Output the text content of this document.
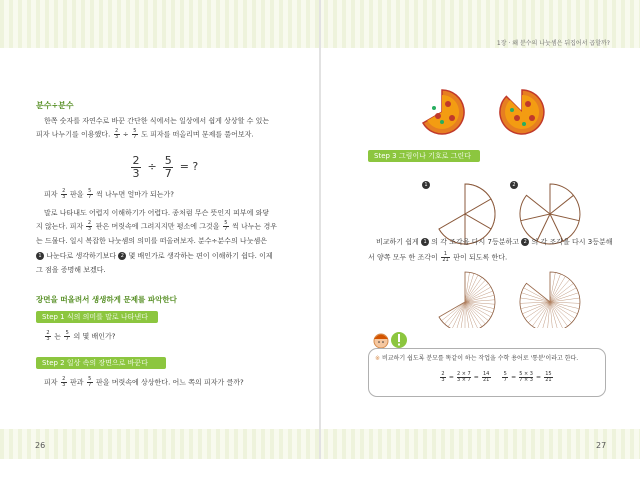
1장 · 왜 분수의 나눗셈은 뒤집어서 곱할까?
26	27
분수÷분수
한쪽 숫자를 자연수로 바꾼 간단한 식에서는 일상에서 쉽게 상상할 수 있는
피자 나누기를 이용했다. $\frac{2}{3} \div \frac{5}{7}$ 도 피자를 떠올리며 문제를 풀어보자.
$\frac{2}{3} \div \frac{5}{7}$ = ?
피자 $\frac{2}{3}$ 판을 $\frac{5}{7}$ 씩 나누면 얼마가 되는가?
말로 나타내도 어렵지 이해하기가 어렵다. 종처럼 무슨 뜻인지 피부에 와닿
지 않는다. 피자 $\frac{2}{3}$ 판은 머릿속에 그려지지만 평소에 그것을 $\frac{5}{7}$ 씩 나누는 경우
는 드물다. 일시 복잡한 나눗셈의 의미를 떠올려보자. 분수÷분수의 나눗셈은
1 나눈다로 생각하기보다 2 몇 배인가로 생각하는 편이 이해하기 쉽다. 이제
그 점을 증명해 보겠다.
장면을 떠올려서 생생하게 문제를 파악한다
Step 1 식의 의미를 말로 나타낸다
$\frac{2}{3}$ 는 $\frac{5}{7}$ 의 몇 배인가?
Step 2 일상 속의 장면으로 바꾼다
피자 $\frac{2}{3}$ 판과 $\frac{5}{7}$ 판을 머릿속에 상상한다. 어느 쪽의 피자가 클까?
Step 3 그림이나 기호로 그린다
1	2
비교하기 쉽게 1 의 각 조각을 다시 7등분하고 2 의 각 조각을 다시 3등분해
서 양쪽 모두 한 조각이 $\frac{1}{21}$ 판이 되도록 한다.
※ 비교하기 쉽도록 분모를 똑같이 하는 작업을 수학 용어로 '통분'이라고 한다.
$\frac{2}{3} = \frac{2 \times 7}{3 \times 7} = \frac{14}{21}$
$\frac{5}{7} = \frac{5 \times 3}{7 \times 3} = \frac{15}{21}$
